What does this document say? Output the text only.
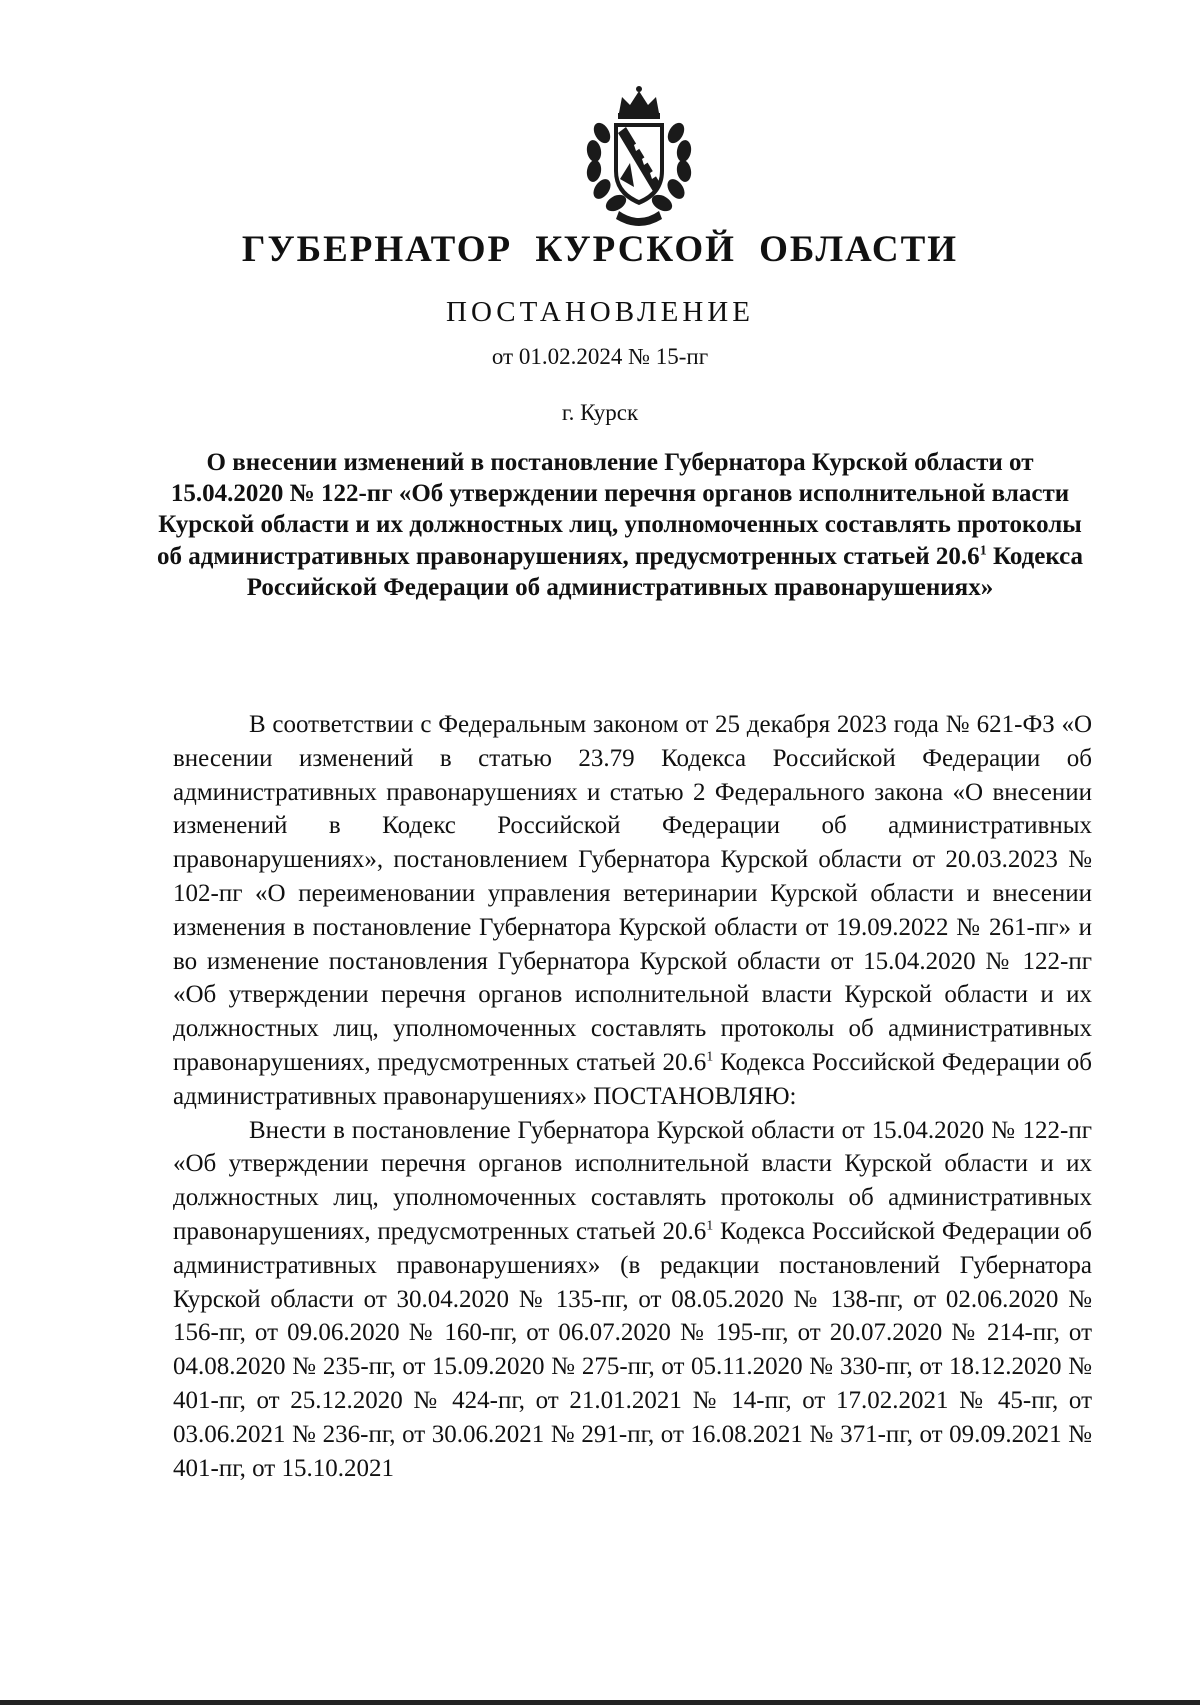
ГУБЕРНАТОР КУРСКОЙ ОБЛАСТИ

ПОСТАНОВЛЕНИЕ

от 01.02.2024 № 15-пг

г. Курск

О внесении изменений в постановление Губернатора Курской области от 15.04.2020 № 122-пг «Об утверждении перечня органов исполнительной власти Курской области и их должностных лиц, уполномоченных составлять протоколы об административных правонарушениях, предусмотренных статьей 20.6$^1$ Кодекса Российской Федерации об административных правонарушениях»

В соответствии с Федеральным законом от 25 декабря 2023 года № 621-ФЗ «О внесении изменений в статью 23.79 Кодекса Российской Федерации об административных правонарушениях и статью 2 Федерального закона «О внесении изменений в Кодекс Российской Федерации об административных правонарушениях», постановлением Губернатора Курской области от 20.03.2023 № 102-пг «О переименовании управления ветеринарии Курской области и внесении изменения в постановление Губернатора Курской области от 19.09.2022 № 261-пг» и во изменение постановления Губернатора Курской области от 15.04.2020 № 122-пг «Об утверждении перечня органов исполнительной власти Курской области и их должностных лиц, уполномоченных составлять протоколы об административных правонарушениях, предусмотренных статьей 20.6$^1$ Кодекса Российской Федерации об административных правонарушениях» ПОСТАНОВЛЯЮ:

Внести в постановление Губернатора Курской области от 15.04.2020 № 122-пг «Об утверждении перечня органов исполнительной власти Курской области и их должностных лиц, уполномоченных составлять протоколы об административных правонарушениях, предусмотренных статьей 20.6$^1$ Кодекса Российской Федерации об административных правонарушениях» (в редакции постановлений Губернатора Курской области от 30.04.2020 № 135-пг, от 08.05.2020 № 138-пг, от 02.06.2020 № 156-пг, от 09.06.2020 № 160-пг, от 06.07.2020 № 195-пг, от 20.07.2020 № 214-пг, от 04.08.2020 № 235-пг, от 15.09.2020 № 275-пг, от 05.11.2020 № 330-пг, от 18.12.2020 № 401-пг, от 25.12.2020 № 424-пг, от 21.01.2021 № 14-пг, от 17.02.2021 № 45-пг, от 03.06.2021 № 236-пг, от 30.06.2021 № 291-пг, от 16.08.2021 № 371-пг, от 09.09.2021 № 401-пг, от 15.10.2021
